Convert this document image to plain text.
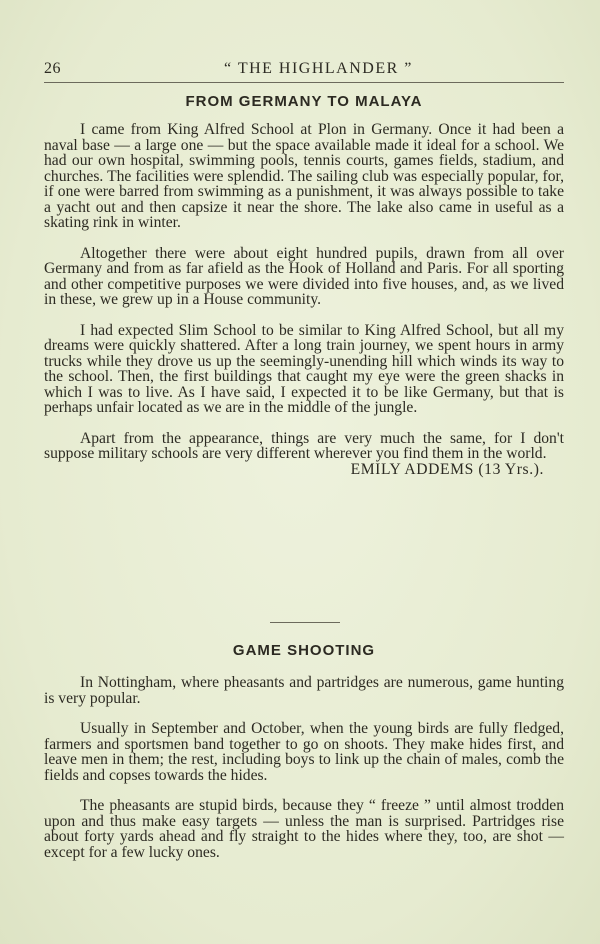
26	“ THE HIGHLANDER ”
FROM GERMANY TO MALAYA

I came from King Alfred School at Plon in Germany. Once it had been a naval base — a large one — but the space available made it ideal for a school. We had our own hospital, swimming pools, tennis courts, games fields, stadium, and churches. The facilities were splendid. The sailing club was especially popular, for, if one were barred from swimming as a punishment, it was always possible to take a yacht out and then capsize it near the shore. The lake also came in useful as a skating rink in winter.

Altogether there were about eight hundred pupils, drawn from all over Germany and from as far afield as the Hook of Holland and Paris. For all sporting and other competitive purposes we were divided into five houses, and, as we lived in these, we grew up in a House community.

I had expected Slim School to be similar to King Alfred School, but all my dreams were quickly shattered. After a long train journey, we spent hours in army trucks while they drove us up the seemingly-unending hill which winds its way to the school. Then, the first buildings that caught my eye were the green shacks in which I was to live. As I have said, I expected it to be like Germany, but that is perhaps unfair located as we are in the middle of the jungle.

Apart from the appearance, things are very much the same, for I don't suppose military schools are very different wherever you find them in the world.

EMILY ADDEMS (13 Yrs.).

GAME SHOOTING

In Nottingham, where pheasants and partridges are numerous, game hunting is very popular.

Usually in September and October, when the young birds are fully fledged, farmers and sportsmen band together to go on shoots. They make hides first, and leave men in them; the rest, including boys to link up the chain of males, comb the fields and copses towards the hides.

The pheasants are stupid birds, because they “ freeze ” until almost trodden upon and thus make easy targets — unless the man is surprised. Partridges rise about forty yards ahead and fly straight to the hides where they, too, are shot — except for a few lucky ones.
